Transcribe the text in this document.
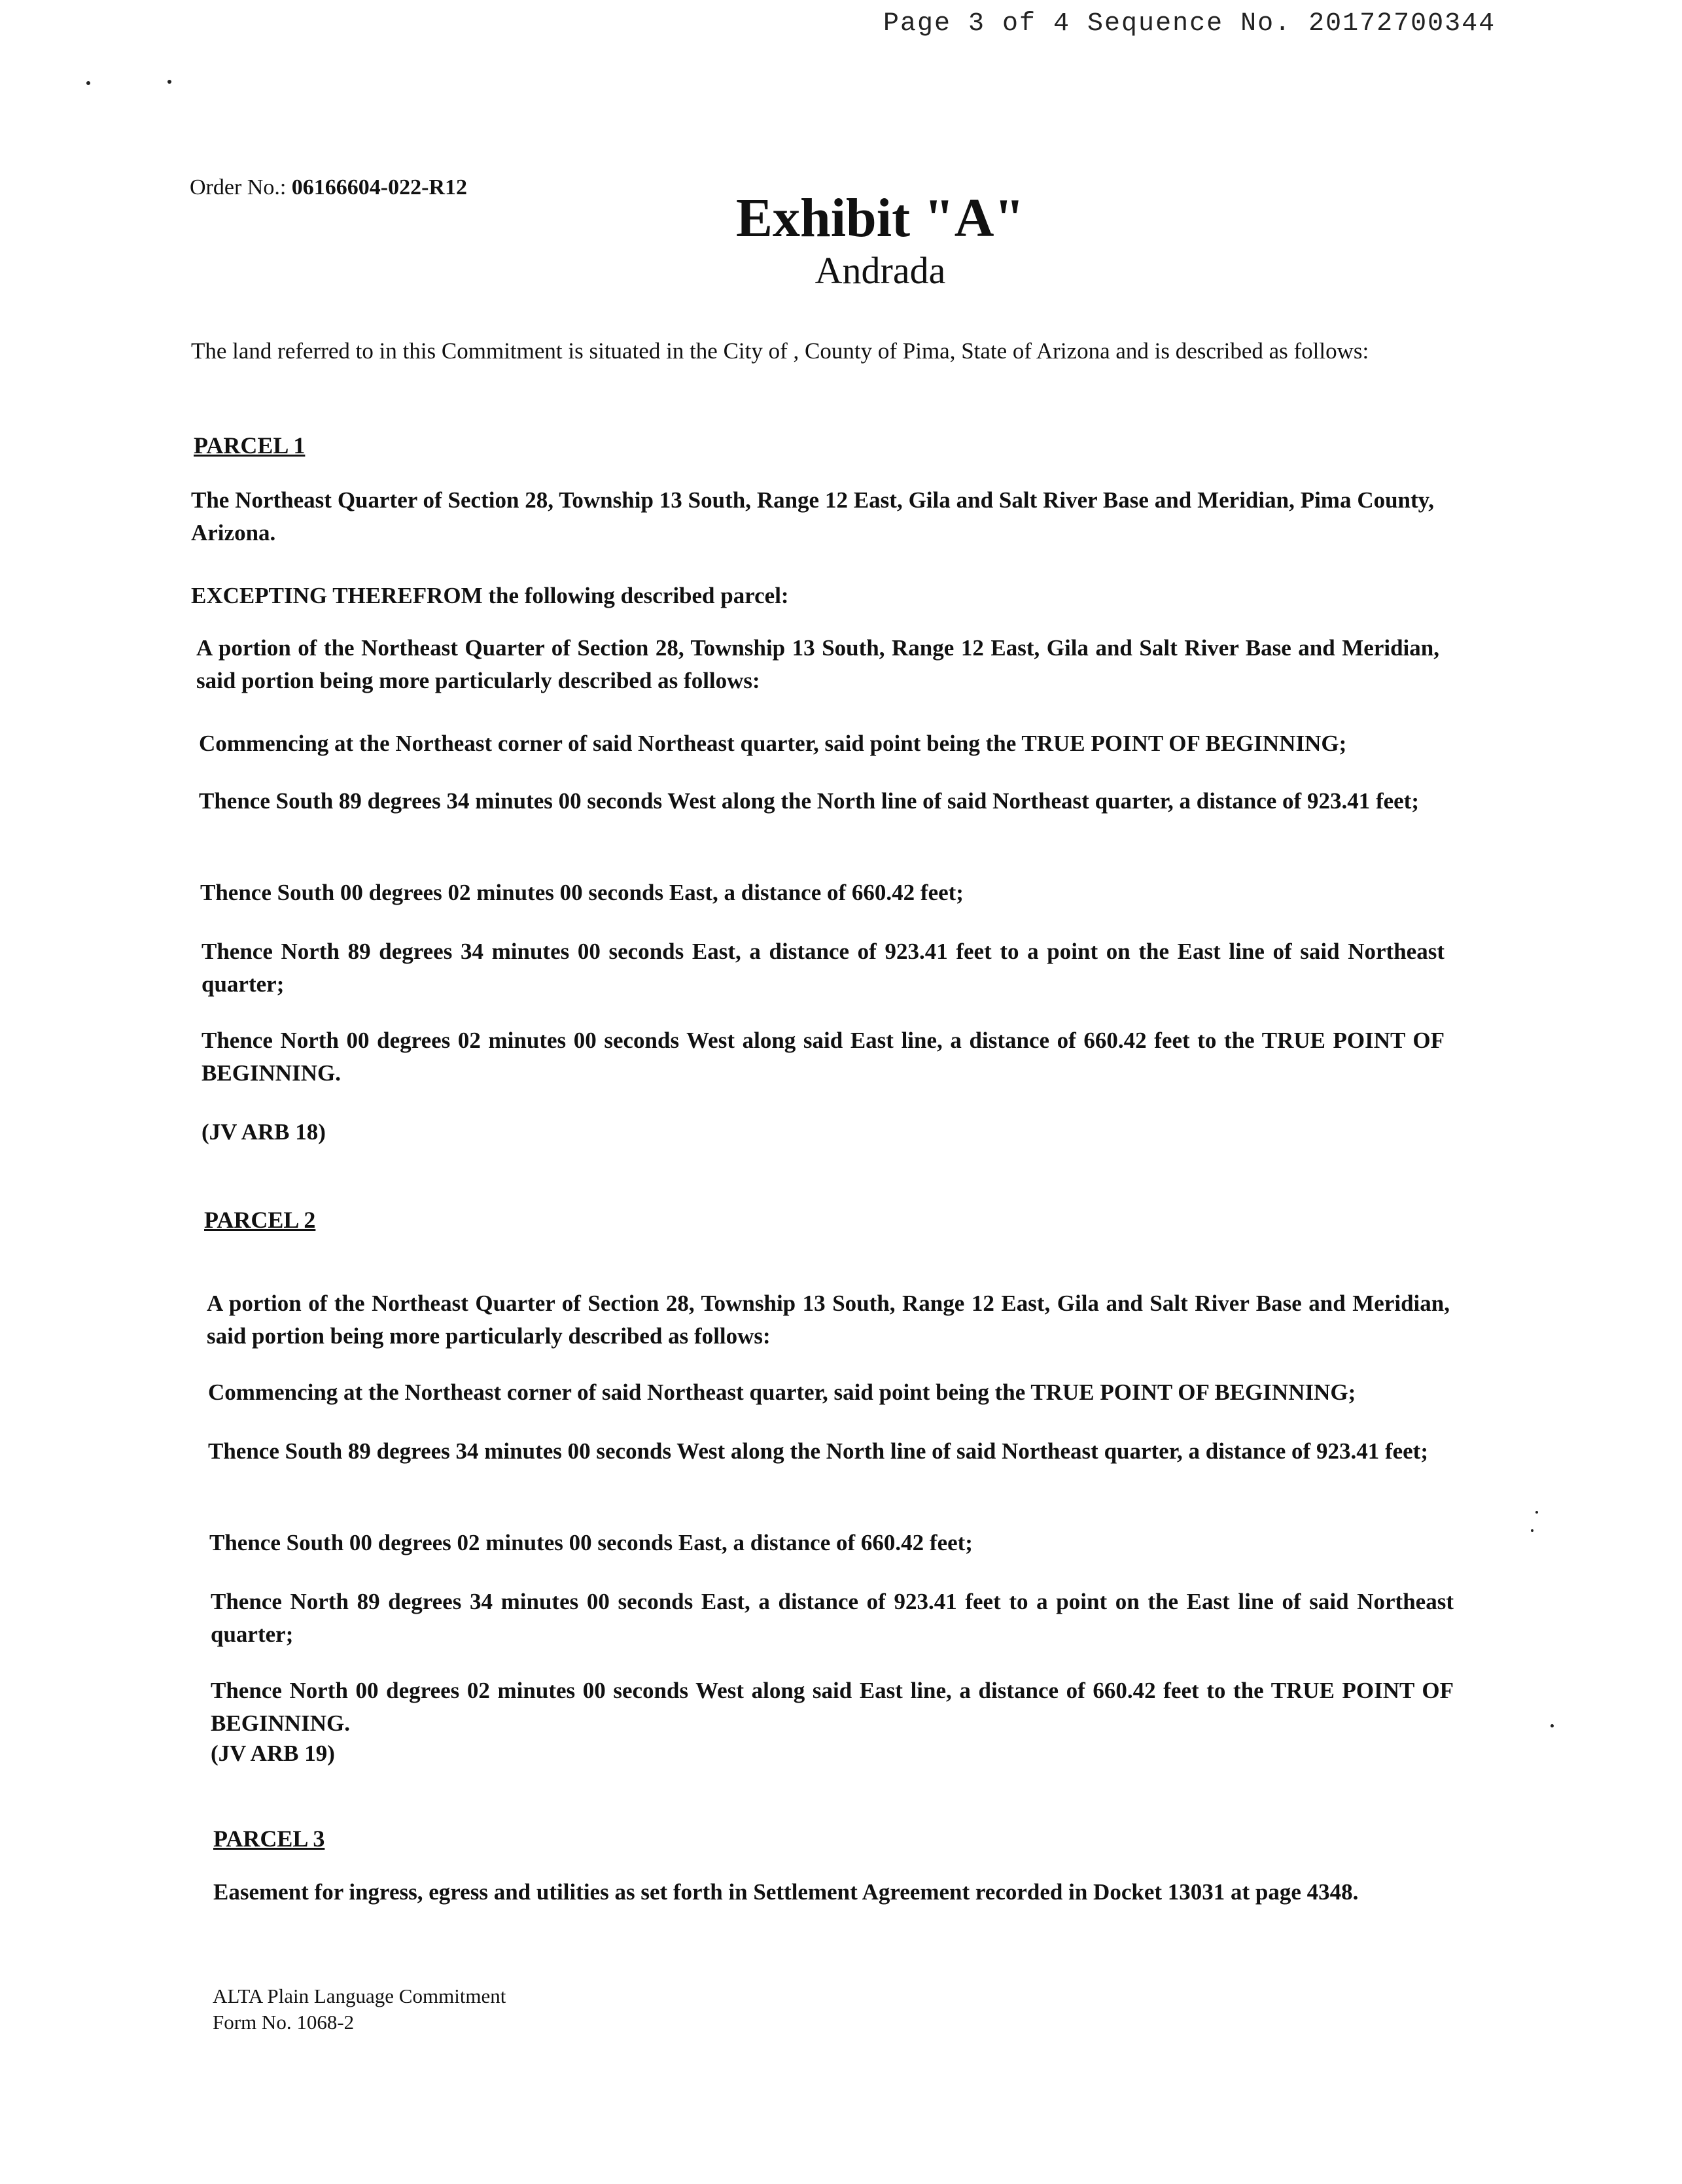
Page 3 of 4 Sequence No. 20172700344
Order No.: 06166604-022-R12
Exhibit "A"
Andrada
The land referred to in this Commitment is situated in the City of , County of Pima, State of Arizona and is described as follows:
PARCEL 1
The Northeast Quarter of Section 28, Township 13 South, Range 12 East, Gila and Salt River Base and Meridian, Pima County, Arizona.
EXCEPTING THEREFROM the following described parcel:
A portion of the Northeast Quarter of Section 28, Township 13 South, Range 12 East, Gila and Salt River Base and Meridian, said portion being more particularly described as follows:
Commencing at the Northeast corner of said Northeast quarter, said point being the TRUE POINT OF BEGINNING;
Thence South 89 degrees 34 minutes 00 seconds West along the North line of said Northeast quarter, a distance of 923.41 feet;
Thence South 00 degrees 02 minutes 00 seconds East, a distance of 660.42 feet;
Thence North 89 degrees 34 minutes 00 seconds East, a distance of 923.41 feet to a point on the East line of said Northeast quarter;
Thence North 00 degrees 02 minutes 00 seconds West along said East line, a distance of 660.42 feet to the TRUE POINT OF BEGINNING.
(JV ARB 18)
PARCEL 2
A portion of the Northeast Quarter of Section 28, Township 13 South, Range 12 East, Gila and Salt River Base and Meridian, said portion being more particularly described as follows:
Commencing at the Northeast corner of said Northeast quarter, said point being the TRUE POINT OF BEGINNING;
Thence South 89 degrees 34 minutes 00 seconds West along the North line of said Northeast quarter, a distance of 923.41 feet;
Thence South 00 degrees 02 minutes 00 seconds East, a distance of 660.42 feet;
Thence North 89 degrees 34 minutes 00 seconds East, a distance of 923.41 feet to a point on the East line of said Northeast quarter;
Thence North 00 degrees 02 minutes 00 seconds West along said East line, a distance of 660.42 feet to the TRUE POINT OF BEGINNING.
(JV ARB 19)
PARCEL 3
Easement for ingress, egress and utilities as set forth in Settlement Agreement recorded in Docket 13031 at page 4348.
ALTA Plain Language Commitment
Form No. 1068-2
